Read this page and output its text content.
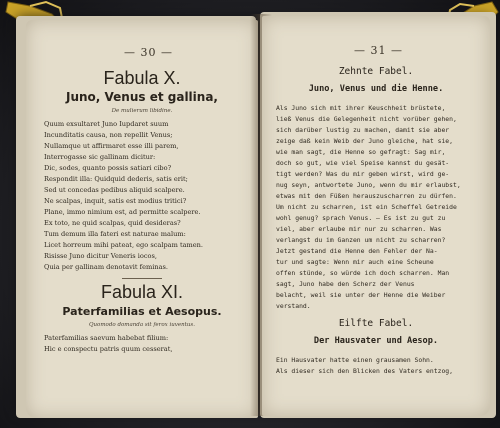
— 30 —
Fabula X.
Juno, Venus et gallina,
De mulierum libidine.
Quum exsultaret Juno Iupdaret suum
Incunditatis causa, non repellit Venus;
Nullamque ut affirmaret esse illi parem,
Interrogasse sic gallinam dicitur:
Dic, sodes, quanto possis satiari cibo?
Respondit illa: Quidquid dederis, satis erit;
Sed ut concedas pedibus aliquid scalpere.
Ne scalpas, inquit, satis est modius tritici?
Plane, immo nimium est, ad permitte scalpere.
Ex toto, ne quid scalpas, quid desideras?
Tum demum illa fateri est naturae malum:
Licet horreum mihi pateat, ego scalpam tamen.
Risisse Juno dicitur Veneris iocos,
Quia per gallinam denotavit feminas.
Fabula XI.
Paterfamilias et Aesopus.
Quomodo domanda sit ferox iuventus.
Paterfamilias saevum habebat filium:
Hic e conspectu patris quum cesserat,
— 31 —
Zehnte Fabel.
Juno, Venus und die Henne.
Als Juno sich mit ihrer Keuschheit brüstete,
ließ Venus die Gelegenheit nicht vorüber gehen,
sich darüber lustig zu machen, damit sie aber
zeige daß kein Weib der Juno gleiche, hat sie,
wie man sagt, die Henne so gefragt: Sag mir,
doch so gut, wie viel Speise kannst du gesät-
tigt werden? Was du mir geben wirst, wird ge-
nug seyn, antwortete Juno, wenn du mir erlaubst,
etwas mit den Füßen herauszuscharren zu dürfen.
Um nicht zu scharren, ist ein Scheffel Getreide
wohl genug? sprach Venus. — Es ist zu gut zu
viel, aber erlaube mir nur zu scharren. Was
verlangst du im Ganzen um nicht zu scharren?
Jetzt gestand die Henne den Fehler der Na-
tur und sagte: Wenn mir auch eine Scheune
offen stünde, so würde ich doch scharren. Man
sagt, Juno habe den Scherz der Venus
belacht, weil sie unter der Henne die Weiber
verstand.
Eilfte Fabel.
Der Hausvater und Aesop.
Ein Hausvater hatte einen grausamen Sohn.
Als dieser sich den Blicken des Vaters entzog,
